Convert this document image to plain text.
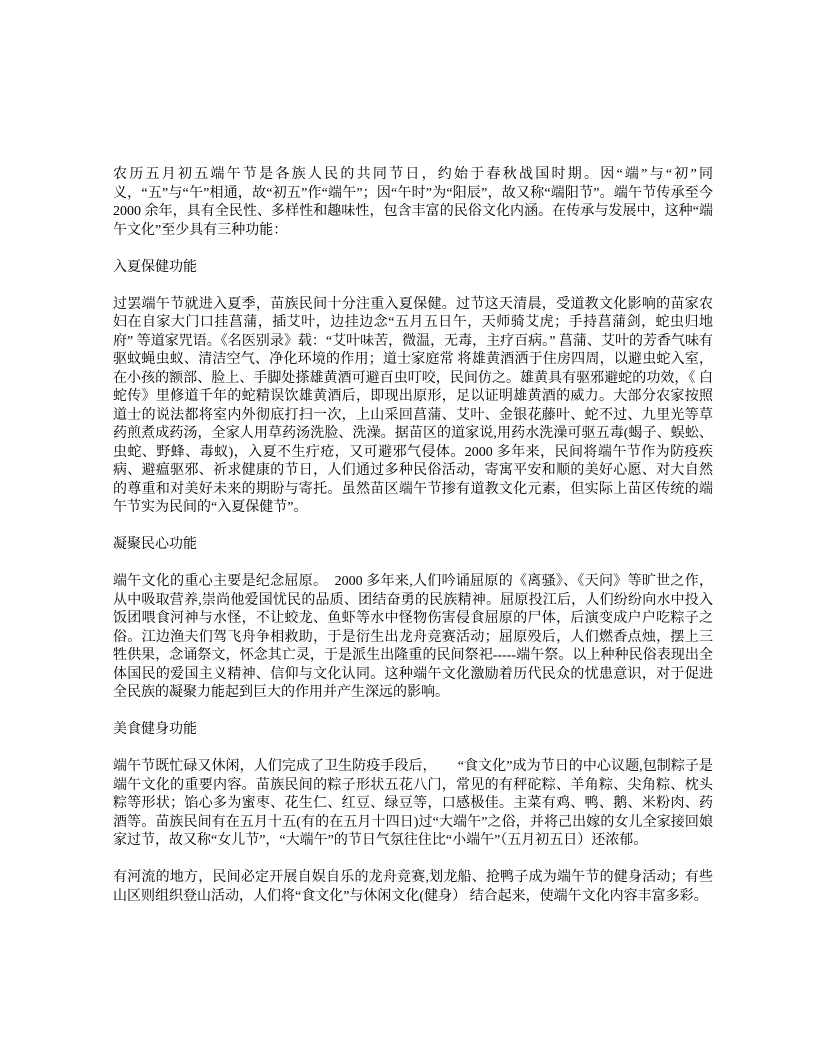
农历五月初五端午节是各族人民的共同节日，约始于春秋战国时期。因“端”与“初”同义，“五”与“午”相通，故“初五”作“端午”；因“午时”为“阳辰”，故又称“端阳节”。端午节传承至今 2000 余年，具有全民性、多样性和趣味性，包含丰富的民俗文化内涵。在传承与发展中，这种“端午文化”至少具有三种功能：

入夏保健功能

过罢端午节就进入夏季，苗族民间十分注重入夏保健。过节这天清晨，受道教文化影响的苗家农妇在自家大门口挂菖蒲，插艾叶，边挂边念“五月五日午，天师骑艾虎；手持菖蒲剑，蛇虫归地府” 等道家咒语。《名医别录》载：“艾叶味苦，微温，无毒，主疗百病。” 菖蒲、艾叶的芳香气味有驱蚊蝇虫蚁、清洁空气、净化环境的作用；道士家庭常 将雄黄酒洒于住房四周，以避虫蛇入室，在小孩的额部、脸上、手脚处搽雄黄酒可避百虫叮咬，民间仿之。雄黄具有驱邪避蛇的功效，《 白蛇传》里修道千年的蛇精误饮雄黄酒后，即现出原形，足以证明雄黄酒的威力。大部分农家按照道士的说法都将室内外彻底打扫一次，上山采回菖蒲、艾叶、金银花藤叶、蛇不过、九里光等草药煎煮成药汤，全家人用草药汤洗脸、洗澡。据苗区的道家说,用药水洗澡可驱五毒(蝎子、蜈蚣、虫蛇、野蜂、毒蚁)，入夏不生疔疮，又可避邪气侵体。2000 多年来，民间将端午节作为防疫疾病、避瘟驱邪、祈求健康的节日，人们通过多种民俗活动，寄寓平安和顺的美好心愿、对大自然的尊重和对美好未来的期盼与寄托。虽然苗区端午节掺有道教文化元素，但实际上苗区传统的端午节实为民间的“入夏保健节”。

凝聚民心功能

端午文化的重心主要是纪念屈原。　2000 多年来,人们吟诵屈原的《离骚》、《天问》等旷世之作，从中吸取营养,崇尚他爱国忧民的品质、团结奋勇的民族精神。屈原投江后，人们纷纷向水中投入饭团喂食河神与水怪，不让蛟龙、鱼虾等水中怪物伤害侵食屈原的尸体，后演变成户户吃粽子之俗。江边渔夫们驾飞舟争相救助，于是衍生出龙舟竞赛活动；屈原殁后，人们燃香点烛，摆上三牲供果，念诵祭文，怀念其亡灵，于是派生出隆重的民间祭祀-----端午祭。以上种种民俗表现出全体国民的爱国主义精神、信仰与文化认同。这种端午文化激励着历代民众的忧患意识，对于促进全民族的凝聚力能起到巨大的作用并产生深远的影响。

美食健身功能

端午节既忙碌又休闲，人们完成了卫生防疫手段后，　　“食文化”成为节日的中心议题,包制粽子是端午文化的重要内容。苗族民间的粽子形状五花八门，常见的有秤砣粽、羊角粽、尖角粽、枕头粽等形状；馅心多为蜜枣、花生仁、红豆、绿豆等，口感极佳。主菜有鸡、鸭、鹅、米粉肉、药酒等。苗族民间有在五月十五(有的在五月十四日)过“大端午”之俗，并将己出嫁的女儿全家接回娘家过节，故又称“女儿节”，“大端午”的节日气氛往住比“小端午”（五月初五日）还浓郁。

有河流的地方，民间必定开展自娱自乐的龙舟竞赛,划龙船、抢鸭子成为端午节的健身活动；有些山区则组织登山活动，人们将“食文化”与休闲文化(健身） 结合起来，使端午文化内容丰富多彩。
